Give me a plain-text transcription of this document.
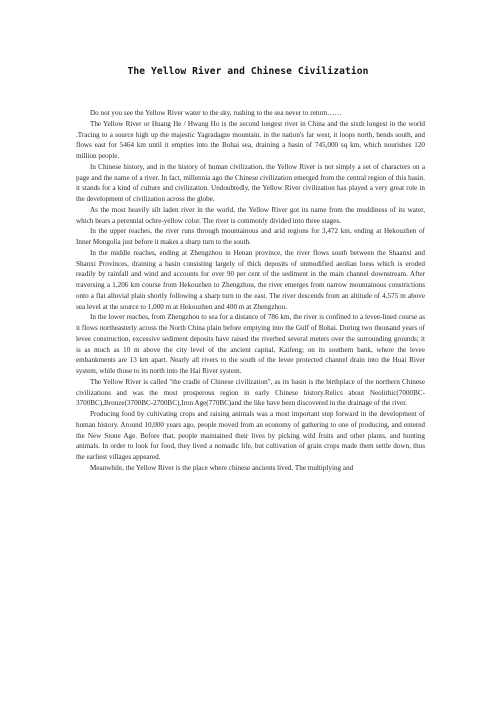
The Yellow River and Chinese Civilization

Do not you see the Yellow River water to the sky, rushing to the sea never to return……

The Yellow River or Huang He / Hwang Ho is the second longest river in China and the sixth longest in the world .Tracing to a source high up the majestic Yagradagze mountain. in the nation's far west, it loops north, bends south, and flows east for 5464 km until it empties into the Bohai sea, draining a basin of 745,000 sq km, which nourishes 120 million people.

In Chinese history, and in the history of human civilization, the Yellow River is not simply a set of characters on a page and the name of a river. In fact, millennia ago the Chinese civilization emerged from the central region of this basin. it stands for a kind of culture and civilization. Undoubtedly, the Yellow River civilization has played a very great role in the development of civilization across the globe.

As the most heavily silt laden river in the world, the Yellow River got its name from the muddiness of its water, which bears a perennial ochre-yellow color. The river is commonly divided into three stages.

In the upper reaches, the river runs through mountainous and arid regions for 3,472 km, ending at Hekouzhen of Inner Mongolia just before it makes a sharp turn to the south.

In the middle reaches, ending at Zhengzhou in Henan province, the river flows south between the Shaanxi and Shanxi Provinces, draining a basin consisting largely of thick deposits of unmodified aeolian loess which is eroded readily by rainfall and wind and accounts for over 90 per cent of the sediment in the main channel downstream. After traversing a 1,206 km course from Hekouzhen to Zhengzhou, the river emerges from narrow mountainous constrictions onto a flat alluvial plain shortly following a sharp turn to the east. The river descends from an altitude of 4,575 m above sea level at the source to 1,000 m at Hekouzhen and 400 m at Zhengzhou.

In the lower reaches, from Zhengzhou to sea for a distance of 786 km, the river is confined to a levee-lined course as it flows northeasterly across the North China plain before emptying into the Gulf of Bohai. During two thousand years of levee construction, excessive sediment deposits have raised the riverbed several meters over the surrounding grounds; it is as much as 10 m above the city level of the ancient capital, Kaifeng; on its southern bank, where the levee embankments are 13 km apart. Nearly all rivers to the south of the levee protected channel drain into the Huai River system, while those to its north into the Hai River system.

The Yellow River is called "the cradle of Chinese civilization", as its basin is the birthplace of the northern Chinese civilizations and was the most prosperous region in early Chinese history.Relics about Neolithic(7000BC-3700BC),Bronze(3700BC-2700BC),Iron Age(770BC)and the like have been discovered in the drainage of the river.

Producing food by cultivating crops and raising animals was a most important step forward in the development of human history. Around 10,000 years ago, people moved from an economy of gathering to one of producing, and entered the New Stone Age. Before that, people maintained their lives by picking wild fruits and other plants, and hunting animals. In order to look for food, they lived a nomadic life, but cultivation of grain crops made them settle down, thus the earliest villages appeared.

Meanwhile, the Yellow River is the place where chinese ancients lived. The multiplying and
